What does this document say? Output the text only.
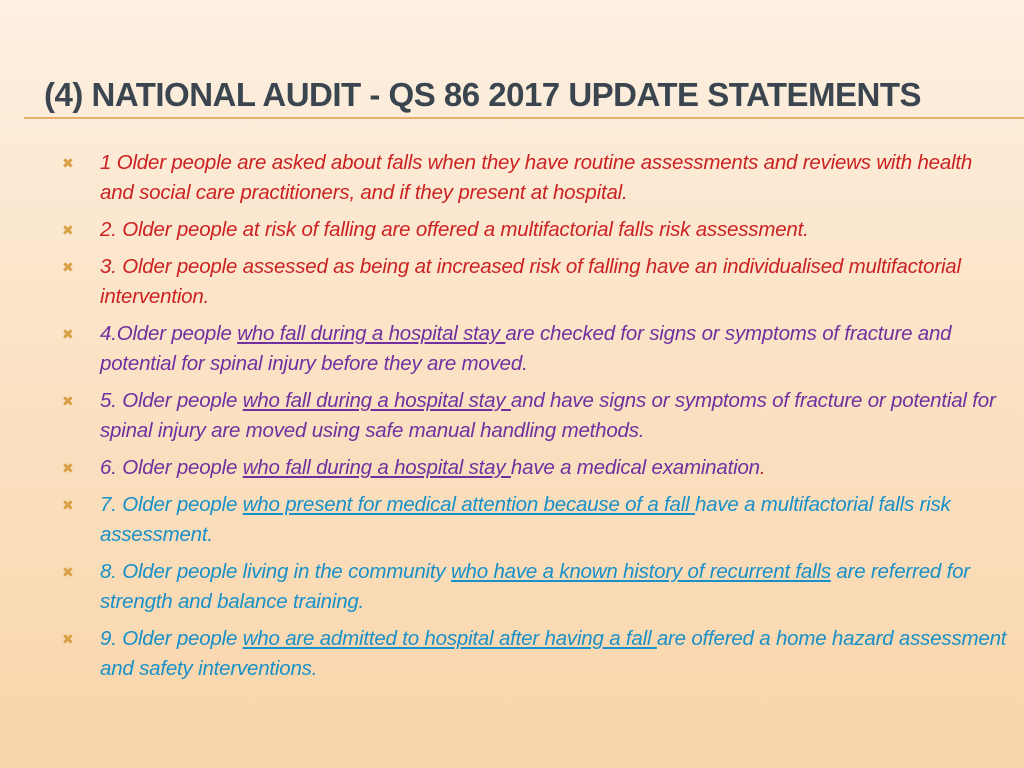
(4) NATIONAL AUDIT - QS 86 2017 UPDATE STATEMENTS
✖ 1 Older people are asked about falls when they have routine assessments and reviews with health and social care practitioners, and if they present at hospital.
✖ 2. Older people at risk of falling are offered a multifactorial falls risk assessment.
✖ 3. Older people assessed as being at increased risk of falling have an individualised multifactorial intervention.
✖ 4.Older people who fall during a hospital stay are checked for signs or symptoms of fracture and potential for spinal injury before they are moved.
✖ 5. Older people who fall during a hospital stay and have signs or symptoms of fracture or potential for spinal injury are moved using safe manual handling methods.
✖ 6. Older people who fall during a hospital stay have a medical examination.
✖ 7. Older people who present for medical attention because of a fall have a multifactorial falls risk assessment.
✖ 8. Older people living in the community who have a known history of recurrent falls are referred for strength and balance training.
✖ 9. Older people who are admitted to hospital after having a fall are offered a home hazard assessment and safety interventions.
